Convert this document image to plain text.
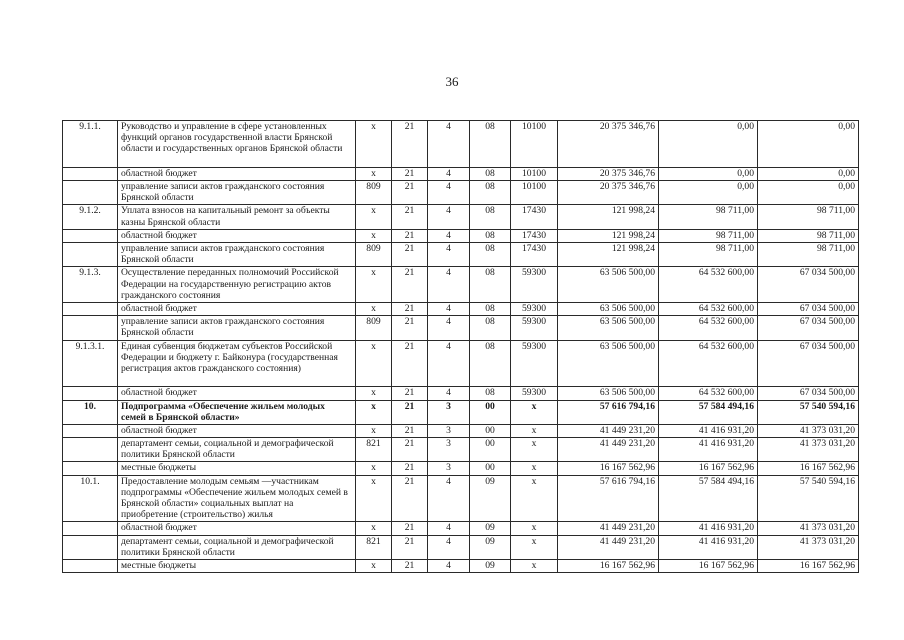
36
9.1.1.	Руководство и управление в сфере установленных функций органов государственной власти Брянской области и государственных органов Брянской области	х	21	4	08	10100	20 375 346,76	0,00	0,00
	областной бюджет	х	21	4	08	10100	20 375 346,76	0,00	0,00
	управление записи актов гражданского состояния Брянской области	809	21	4	08	10100	20 375 346,76	0,00	0,00
9.1.2.	Уплата взносов на капитальный ремонт за объекты казны Брянской области	х	21	4	08	17430	121 998,24	98 711,00	98 711,00
	областной бюджет	х	21	4	08	17430	121 998,24	98 711,00	98 711,00
	управление записи актов гражданского состояния Брянской области	809	21	4	08	17430	121 998,24	98 711,00	98 711,00
9.1.3.	Осуществление переданных полномочий Российской Федерации на государственную регистрацию актов гражданского состояния	х	21	4	08	59300	63 506 500,00	64 532 600,00	67 034 500,00
	областной бюджет	х	21	4	08	59300	63 506 500,00	64 532 600,00	67 034 500,00
	управление записи актов гражданского состояния Брянской области	809	21	4	08	59300	63 506 500,00	64 532 600,00	67 034 500,00
9.1.3.1.	Единая субвенция бюджетам субъектов Российской Федерации и бюджету г. Байконура (государственная регистрация актов гражданского состояния)	х	21	4	08	59300	63 506 500,00	64 532 600,00	67 034 500,00
	областной бюджет	х	21	4	08	59300	63 506 500,00	64 532 600,00	67 034 500,00
10.	Подпрограмма «Обеспечение жильем молодых семей в Брянской области»	х	21	3	00	х	57 616 794,16	57 584 494,16	57 540 594,16
	областной бюджет	х	21	3	00	х	41 449 231,20	41 416 931,20	41 373 031,20
	департамент семьи, социальной и демографической политики Брянской области	821	21	3	00	х	41 449 231,20	41 416 931,20	41 373 031,20
	местные бюджеты	х	21	3	00	х	16 167 562,96	16 167 562,96	16 167 562,96
10.1.	Предоставление молодым семьям —участникам подпрограммы «Обеспечение жильем молодых семей в Брянской области» социальных выплат на приобретение (строительство) жилья	х	21	4	09	х	57 616 794,16	57 584 494,16	57 540 594,16
	областной бюджет	х	21	4	09	х	41 449 231,20	41 416 931,20	41 373 031,20
	департамент семьи, социальной и демографической политики Брянской области	821	21	4	09	х	41 449 231,20	41 416 931,20	41 373 031,20
	местные бюджеты	х	21	4	09	х	16 167 562,96	16 167 562,96	16 167 562,96
